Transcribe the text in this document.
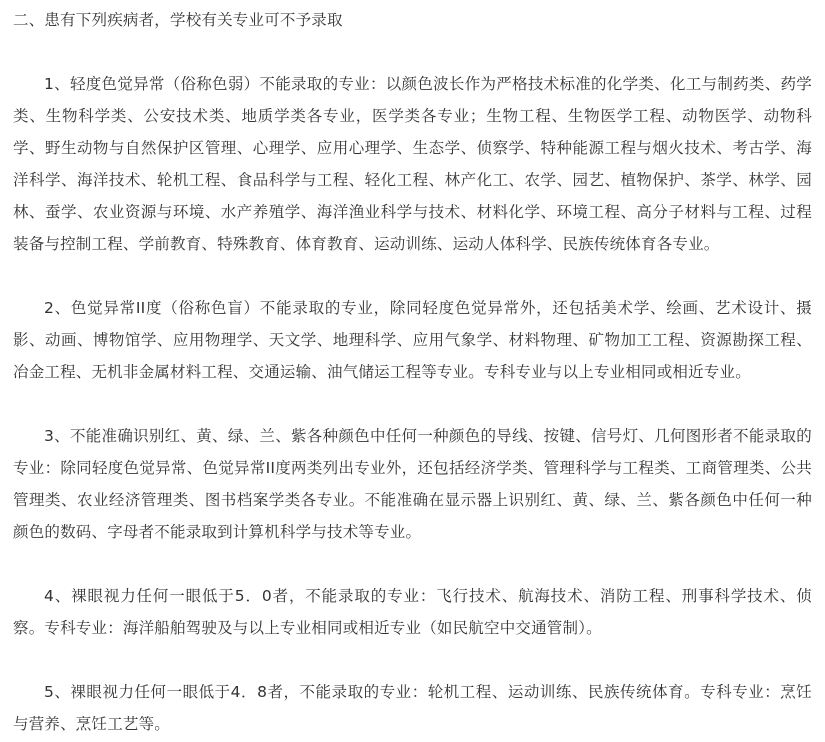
二、患有下列疾病者，学校有关专业可不予录取

1、轻度色觉异常（俗称色弱）不能录取的专业：以颜色波长作为严格技术标准的化学类、化工与制药类、药学类、生物科学类、公安技术类、地质学类各专业，医学类各专业；生物工程、生物医学工程、动物医学、动物科学、野生动物与自然保护区管理、心理学、应用心理学、生态学、侦察学、特种能源工程与烟火技术、考古学、海洋科学、海洋技术、轮机工程、食品科学与工程、轻化工程、林产化工、农学、园艺、植物保护、茶学、林学、园林、蚕学、农业资源与环境、水产养殖学、海洋渔业科学与技术、材料化学、环境工程、高分子材料与工程、过程装备与控制工程、学前教育、特殊教育、体育教育、运动训练、运动人体科学、民族传统体育各专业。

2、色觉异常II度（俗称色盲）不能录取的专业，除同轻度色觉异常外，还包括美术学、绘画、艺术设计、摄影、动画、博物馆学、应用物理学、天文学、地理科学、应用气象学、材料物理、矿物加工工程、资源勘探工程、冶金工程、无机非金属材料工程、交通运输、油气储运工程等专业。专科专业与以上专业相同或相近专业。

3、不能准确识别红、黄、绿、兰、紫各种颜色中任何一种颜色的导线、按键、信号灯、几何图形者不能录取的专业：除同轻度色觉异常、色觉异常II度两类列出专业外，还包括经济学类、管理科学与工程类、工商管理类、公共管理类、农业经济管理类、图书档案学类各专业。不能准确在显示器上识别红、黄、绿、兰、紫各颜色中任何一种颜色的数码、字母者不能录取到计算机科学与技术等专业。

4、裸眼视力任何一眼低于5．0者，不能录取的专业：飞行技术、航海技术、消防工程、刑事科学技术、侦察。专科专业：海洋船舶驾驶及与以上专业相同或相近专业（如民航空中交通管制）。

5、裸眼视力任何一眼低于4．8者，不能录取的专业：轮机工程、运动训练、民族传统体育。专科专业：烹饪与营养、烹饪工艺等。
